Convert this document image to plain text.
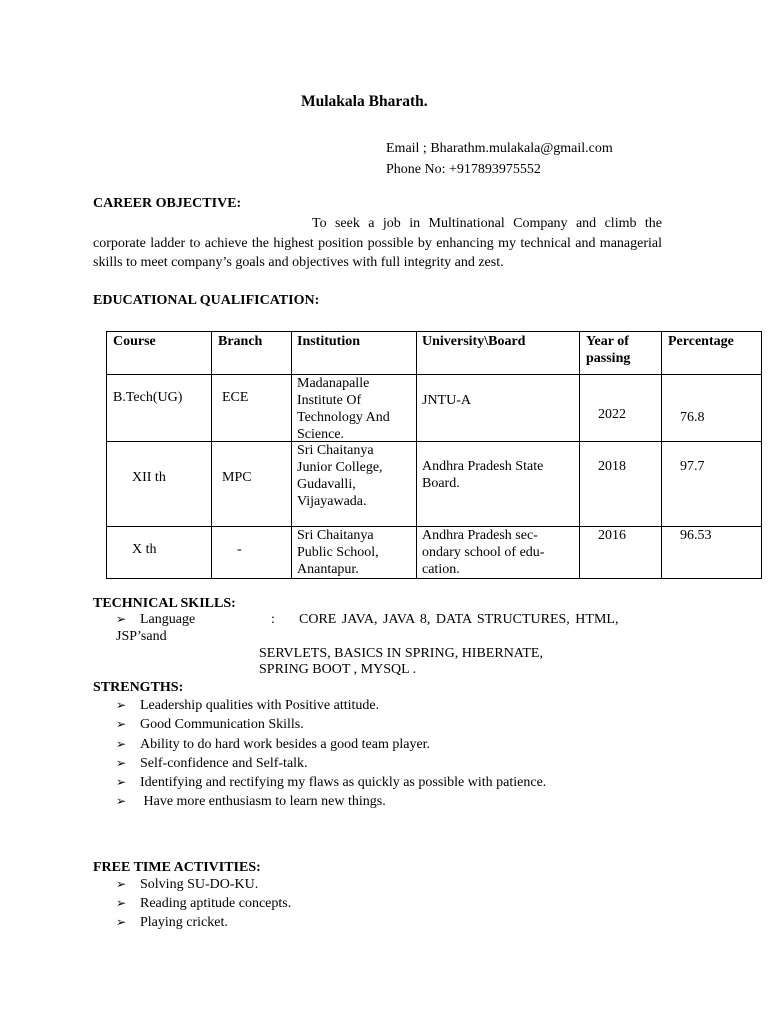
Mulakala Bharath.
Email ; Bharathm.mulakala@gmail.com
Phone No: +917893975552
CAREER OBJECTIVE:
To seek a job in Multinational Company and climb the corporate ladder to achieve the highest position possible by enhancing my technical and managerial skills to meet company’s goals and objectives with full integrity and zest.
EDUCATIONAL QUALIFICATION:
Course	Branch	Institution	University\Board	Year of passing	Percentage

B.Tech(UG)	ECE	Madanapalle Institute Of Technology And Science.	JNTU-A	2022	76.8

XII th	MPC	Sri Chaitanya Junior College, Gudavalli, Vijayawada.	Andhra Pradesh State Board.	2018	97.7

X th	-	Sri Chaitanya Public School, Anantapur.	Andhra Pradesh sec-ondary school of edu-cation.	2016	96.53
TECHNICAL SKILLS:
➢ Language	: CORE JAVA, JAVA 8, DATA STRUCTURES, HTML,
JSP’sand
SERVLETS, BASICS IN SPRING, HIBERNATE,
SPRING BOOT , MYSQL .
STRENGTHS:
➢ Leadership qualities with Positive attitude.
➢ Good Communication Skills.
➢ Ability to do hard work besides a good team player.
➢ Self-confidence and Self-talk.
➢ Identifying and rectifying my flaws as quickly as possible with patience.
➢ Have more enthusiasm to learn new things.
FREE TIME ACTIVITIES:
➢ Solving SU-DO-KU.
➢ Reading aptitude concepts.
➢ Playing cricket.
